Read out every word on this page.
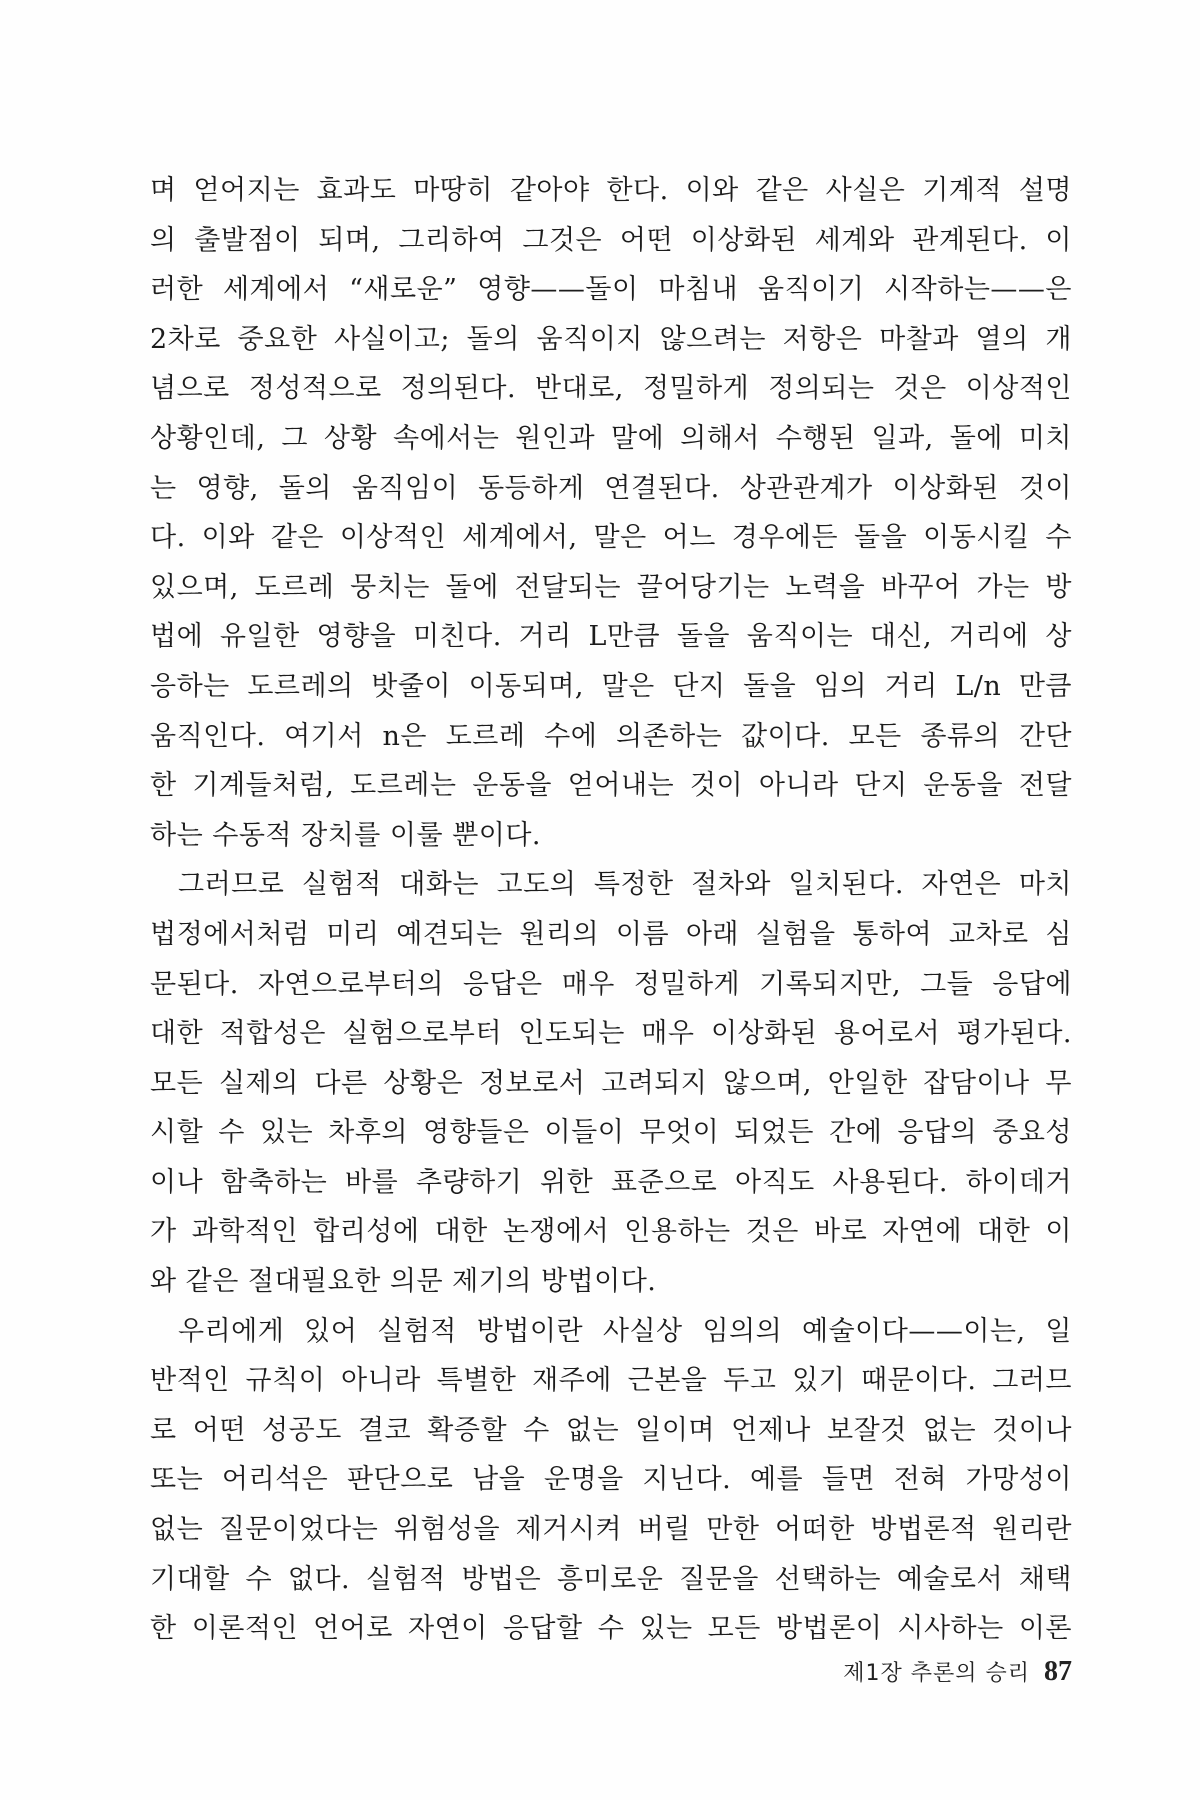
며 얻어지는 효과도 마땅히 같아야 한다. 이와 같은 사실은 기계적 설명
의 출발점이 되며, 그리하여 그것은 어떤 이상화된 세계와 관계된다. 이
러한 세계에서 “새로운” 영향——돌이 마침내 움직이기 시작하는——은
2차로 중요한 사실이고; 돌의 움직이지 않으려는 저항은 마찰과 열의 개
념으로 정성적으로 정의된다. 반대로, 정밀하게 정의되는 것은 이상적인
상황인데, 그 상황 속에서는 원인과 말에 의해서 수행된 일과, 돌에 미치
는 영향, 돌의 움직임이 동등하게 연결된다. 상관관계가 이상화된 것이
다. 이와 같은 이상적인 세계에서, 말은 어느 경우에든 돌을 이동시킬 수
있으며, 도르레 뭉치는 돌에 전달되는 끌어당기는 노력을 바꾸어 가는 방
법에 유일한 영향을 미친다. 거리 L만큼 돌을 움직이는 대신, 거리에 상
응하는 도르레의 밧줄이 이동되며, 말은 단지 돌을 임의 거리 L/n 만큼
움직인다. 여기서 n은 도르레 수에 의존하는 값이다. 모든 종류의 간단
한 기계들처럼, 도르레는 운동을 얻어내는 것이 아니라 단지 운동을 전달
하는 수동적 장치를 이룰 뿐이다.
그러므로 실험적 대화는 고도의 특정한 절차와 일치된다. 자연은 마치
법정에서처럼 미리 예견되는 원리의 이름 아래 실험을 통하여 교차로 심
문된다. 자연으로부터의 응답은 매우 정밀하게 기록되지만, 그들 응답에
대한 적합성은 실험으로부터 인도되는 매우 이상화된 용어로서 평가된다.
모든 실제의 다른 상황은 정보로서 고려되지 않으며, 안일한 잡담이나 무
시할 수 있는 차후의 영향들은 이들이 무엇이 되었든 간에 응답의 중요성
이나 함축하는 바를 추량하기 위한 표준으로 아직도 사용된다. 하이데거
가 과학적인 합리성에 대한 논쟁에서 인용하는 것은 바로 자연에 대한 이
와 같은 절대필요한 의문 제기의 방법이다.
우리에게 있어 실험적 방법이란 사실상 임의의 예술이다——이는, 일
반적인 규칙이 아니라 특별한 재주에 근본을 두고 있기 때문이다. 그러므
로 어떤 성공도 결코 확증할 수 없는 일이며 언제나 보잘것 없는 것이나
또는 어리석은 판단으로 남을 운명을 지닌다. 예를 들면 전혀 가망성이
없는 질문이었다는 위험성을 제거시켜 버릴 만한 어떠한 방법론적 원리란
기대할 수 없다. 실험적 방법은 흥미로운 질문을 선택하는 예술로서 채택
한 이론적인 언어로 자연이 응답할 수 있는 모든 방법론이 시사하는 이론
제1장 추론의 승리 87
